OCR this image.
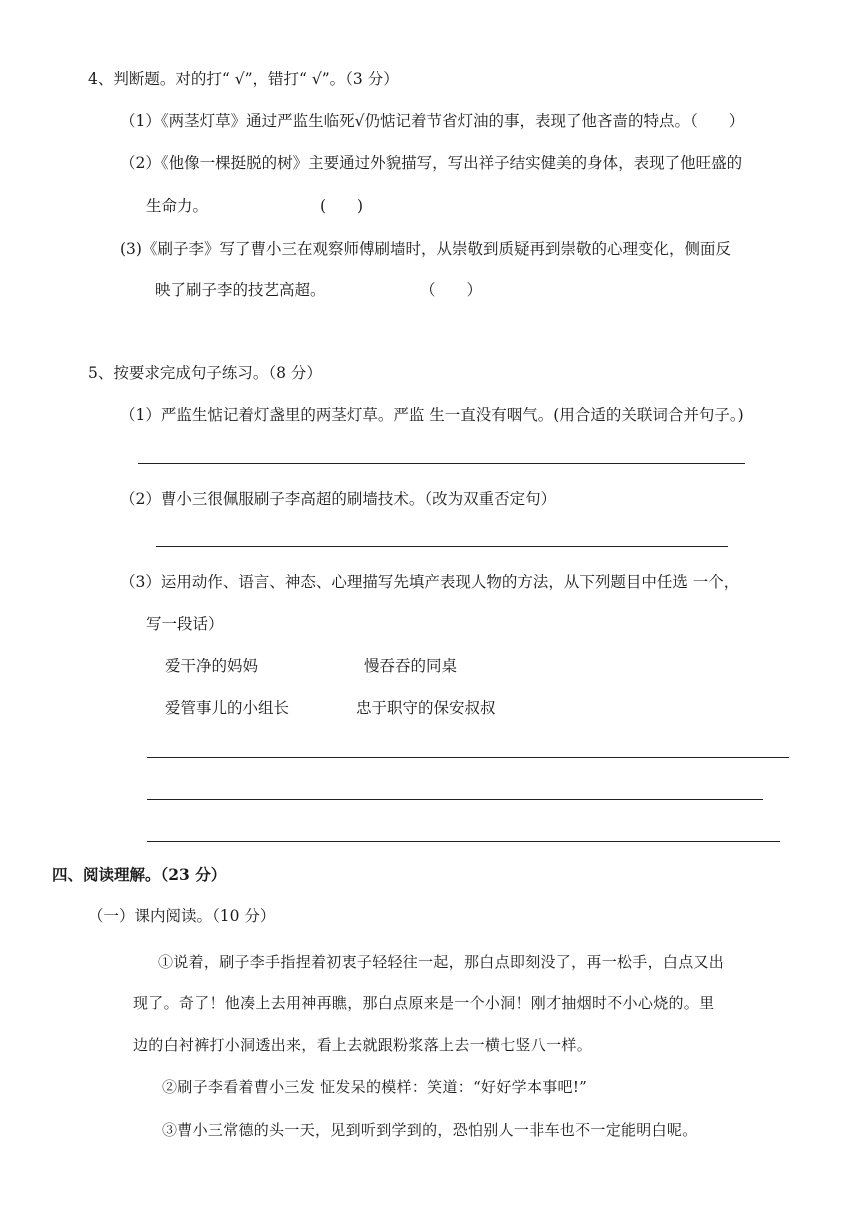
4、判断题。对的打“ √”，错打“ √”。（3 分）
（1）《两茎灯草》通过严监生临死√仍惦记着节省灯油的事，表现了他吝啬的特点。（　　）
（2）《他像一棵挺脱的树》主要通过外貌描写，写出祥子结实健美的身体，表现了他旺盛的
生命力。	(　　)
(3)《刷子李》写了曹小三在观察师傅刷墙时，从崇敬到质疑再到崇敬的心理变化，侧面反
映了刷子李的技艺高超。	（　　）
5、按要求完成句子练习。（8 分）
（1）严监生惦记着灯盏里的两茎灯草。严监 生一直没有咽气。(用合适的关联词合并句子。)
（2）曹小三很佩服刷子李高超的刷墙技术。（改为双重否定句）
（3）运用动作、语言、神态、心理描写先填产表现人物的方法，从下列题目中任选 一个，
写一段话）
爱干净的妈妈	慢吞吞的同桌
爱管事儿的小组长	忠于职守的保安叔叔
四、阅读理解。（23 分）
（一）课内阅读。（10 分）
①说着，刷子李手指捏着初衷子轻轻往一起，那白点即刻没了，再一松手，白点又出
现了。奇了！他凑上去用神再瞧，那白点原来是一个小洞！刚才抽烟时不小心烧的。里
边的白衬裤打小洞透出来，看上去就跟粉浆落上去一横七竖八一样。
②刷子李看着曹小三发 怔发呆的模样：笑道：“好好学本事吧!”
③曹小三常德的头一天，见到听到学到的，恐怕别人一非车也不一定能明白呢。
